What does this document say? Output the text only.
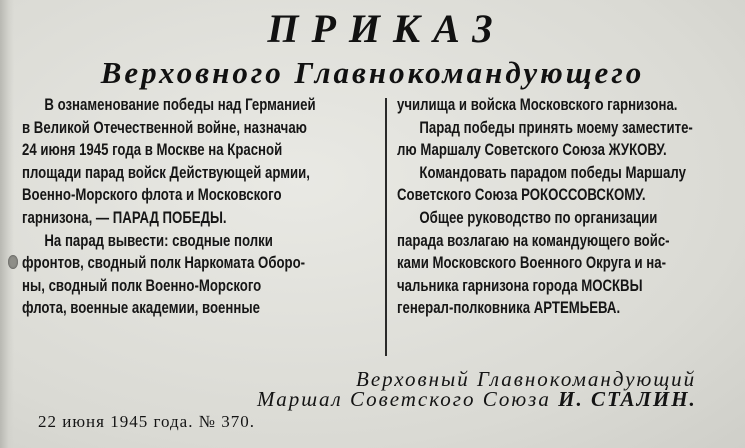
ПРИКАЗ
Верховного Главнокомандующего
В ознаменование победы над Германией
в Великой Отечественной войне, назначаю
24 июня 1945 года в Москве на Красной
площади парад войск Действующей армии,
Военно-Морского флота и Московского
гарнизона, — ПАРАД ПОБЕДЫ.
На парад вывести: сводные полки
фронтов, сводный полк Наркомата Оборо-
ны, сводный полк Военно-Морского
флота, военные академии, военные
училища и войска Московского гарнизона.
Парад победы принять моему заместите-
лю Маршалу Советского Союза ЖУКОВУ.
Командовать парадом победы Маршалу
Советского Союза РОКОССОВСКОМУ.
Общее руководство по организации
парада возлагаю на командующего войс-
ками Московского Военного Округа и на-
чальника гарнизона города МОСКВЫ
генерал-полковника АРТЕМЬЕВА.
Верховный Главнокомандующий
Маршал Советского Союза И. СТАЛИН.
22 июня 1945 года. № 370.
